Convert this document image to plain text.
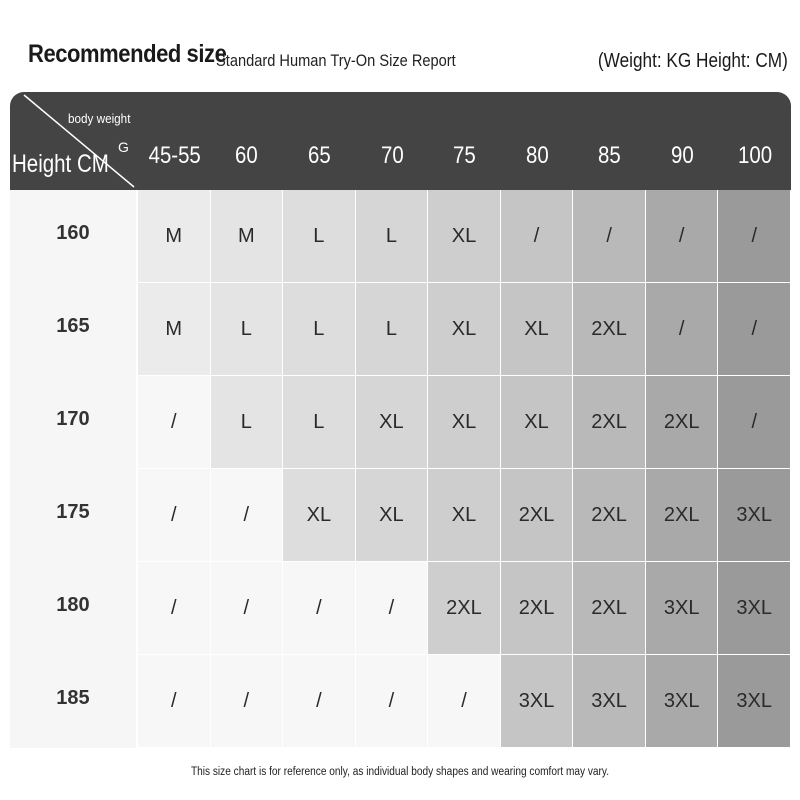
Recommended size
Standard Human Try-On Size Report	(Weight: KG Height: CM)
body weight
G
Height CM 45-55 60 65 70 75 80 85 90 100
160	M	M	L	L	XL	/	/	/	/
165	M	L	L	L	XL	XL	2XL	/	/
170	/	L	L	XL	XL	XL	2XL	2XL	/
175	/	/	XL	XL	XL	2XL	2XL	2XL	3XL
180	/	/	/	/	2XL	2XL	2XL	3XL	3XL
185	/	/	/	/	/	3XL	3XL	3XL	3XL
This size chart is for reference only, as individual body shapes and wearing comfort may vary.
